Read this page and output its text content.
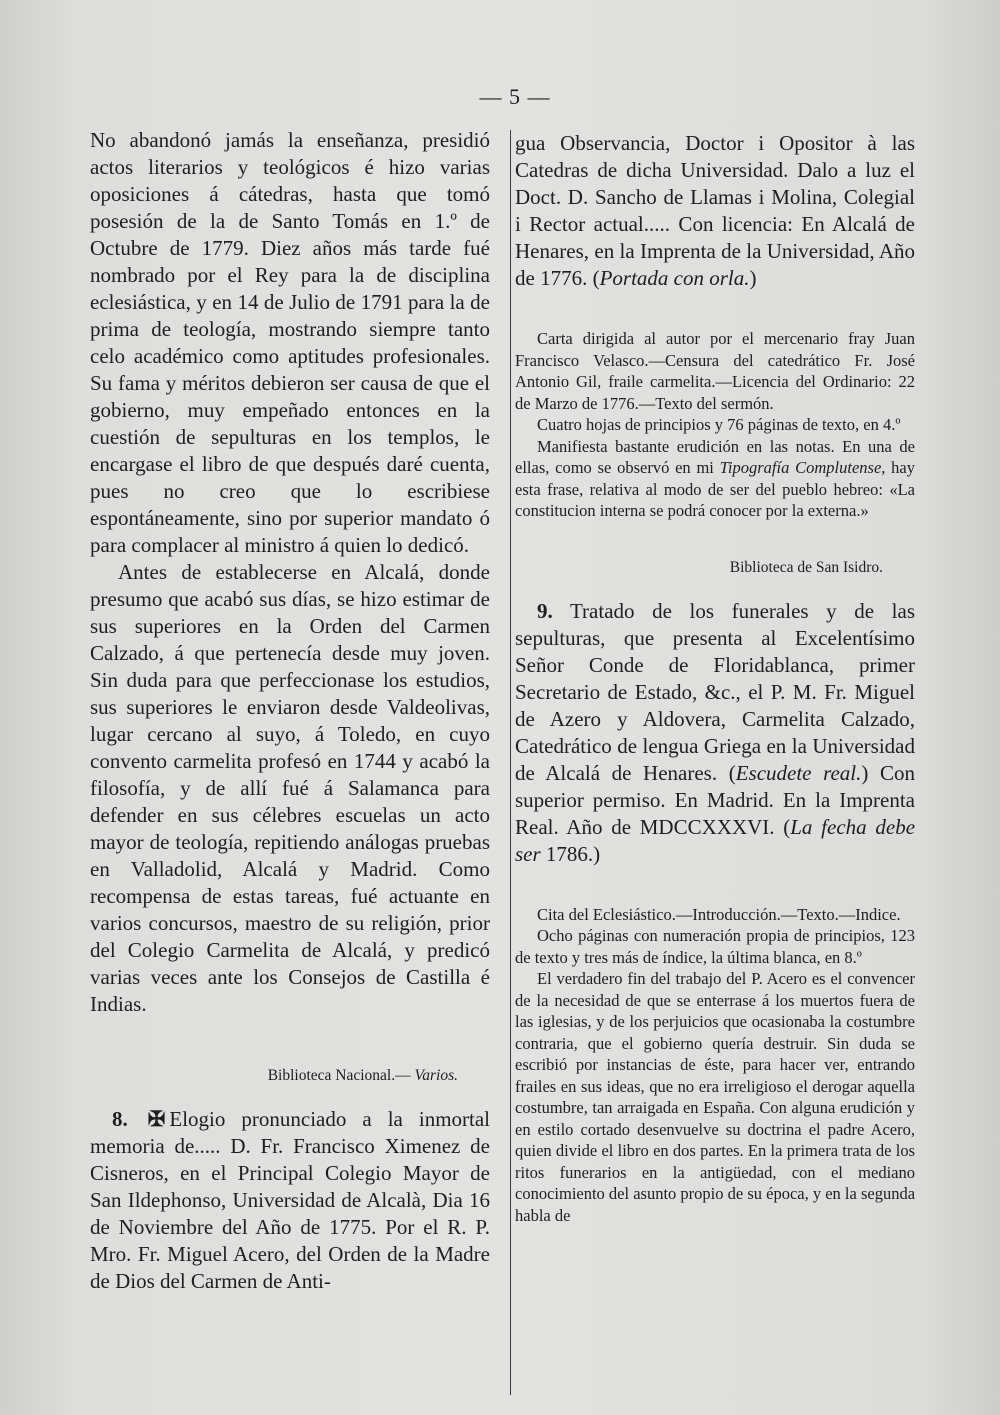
— 5 —

No abandonó jamás la enseñanza, presidió actos literarios y teológicos é hizo varias oposiciones á cátedras, hasta que tomó posesión de la de Santo Tomás en 1.º de Octubre de 1779. Diez años más tarde fué nombrado por el Rey para la de disciplina eclesiástica, y en 14 de Julio de 1791 para la de prima de teología, mostrando siempre tanto celo académico como aptitudes profesionales. Su fama y méritos debieron ser causa de que el gobierno, muy empeñado entonces en la cuestión de sepulturas en los templos, le encargase el libro de que después daré cuenta, pues no creo que lo escribiese espontáneamente, sino por superior mandato ó para complacer al ministro á quien lo dedicó.

Antes de establecerse en Alcalá, donde presumo que acabó sus días, se hizo estimar de sus superiores en la Orden del Carmen Calzado, á que pertenecía desde muy joven. Sin duda para que perfeccionase los estudios, sus superiores le enviaron desde Valdeolivas, lugar cercano al suyo, á Toledo, en cuyo convento carmelita profesó en 1744 y acabó la filosofía, y de allí fué á Salamanca para defender en sus célebres escuelas un acto mayor de teología, repitiendo análogas pruebas en Valladolid, Alcalá y Madrid. Como recompensa de estas tareas, fué actuante en varios concursos, maestro de su religión, prior del Colegio Carmelita de Alcalá, y predicó varias veces ante los Consejos de Castilla é Indias.

Biblioteca Nacional.— Varios.

8. ✠ Elogio pronunciado a la inmortal memoria de..... D. Fr. Francisco Ximenez de Cisneros, en el Principal Colegio Mayor de San Ildephonso, Universidad de Alcalà, Dia 16 de Noviembre del Año de 1775. Por el R. P. Mro. Fr. Miguel Acero, del Orden de la Madre de Dios del Carmen de Anti-

gua Observancia, Doctor i Opositor à las Catedras de dicha Universidad. Dalo a luz el Doct. D. Sancho de Llamas i Molina, Colegial i Rector actual..... Con licencia: En Alcalá de Henares, en la Imprenta de la Universidad, Año de 1776. (Portada con orla.)

Carta dirigida al autor por el mercenario fray Juan Francisco Velasco.—Censura del catedrático Fr. José Antonio Gil, fraile carmelita.—Licencia del Ordinario: 22 de Marzo de 1776.—Texto del sermón.

Cuatro hojas de principios y 76 páginas de texto, en 4.º

Manifiesta bastante erudición en las notas. En una de ellas, como se observó en mi Tipografía Complutense, hay esta frase, relativa al modo de ser del pueblo hebreo: «La constitucion interna se podrá conocer por la externa.»

Biblioteca de San Isidro.

9. Tratado de los funerales y de las sepulturas, que presenta al Excelentísimo Señor Conde de Floridablanca, primer Secretario de Estado, &c., el P. M. Fr. Miguel de Azero y Aldovera, Carmelita Calzado, Catedrático de lengua Griega en la Universidad de Alcalá de Henares. (Escudete real.) Con superior permiso. En Madrid. En la Imprenta Real. Año de MDCCXXXVI. (La fecha debe ser 1786.)

Cita del Eclesiástico.—Introducción.—Texto.—Indice.

Ocho páginas con numeración propia de principios, 123 de texto y tres más de índice, la última blanca, en 8.º

El verdadero fin del trabajo del P. Acero es el convencer de la necesidad de que se enterrase á los muertos fuera de las iglesias, y de los perjuicios que ocasionaba la costumbre contraria, que el gobierno quería destruir. Sin duda se escribió por instancias de éste, para hacer ver, entrando frailes en sus ideas, que no era irreligioso el derogar aquella costumbre, tan arraigada en España. Con alguna erudición y en estilo cortado desenvuelve su doctrina el padre Acero, quien divide el libro en dos partes. En la primera trata de los ritos funerarios en la antigüedad, con el mediano conocimiento del asunto propio de su época, y en la segunda habla de
